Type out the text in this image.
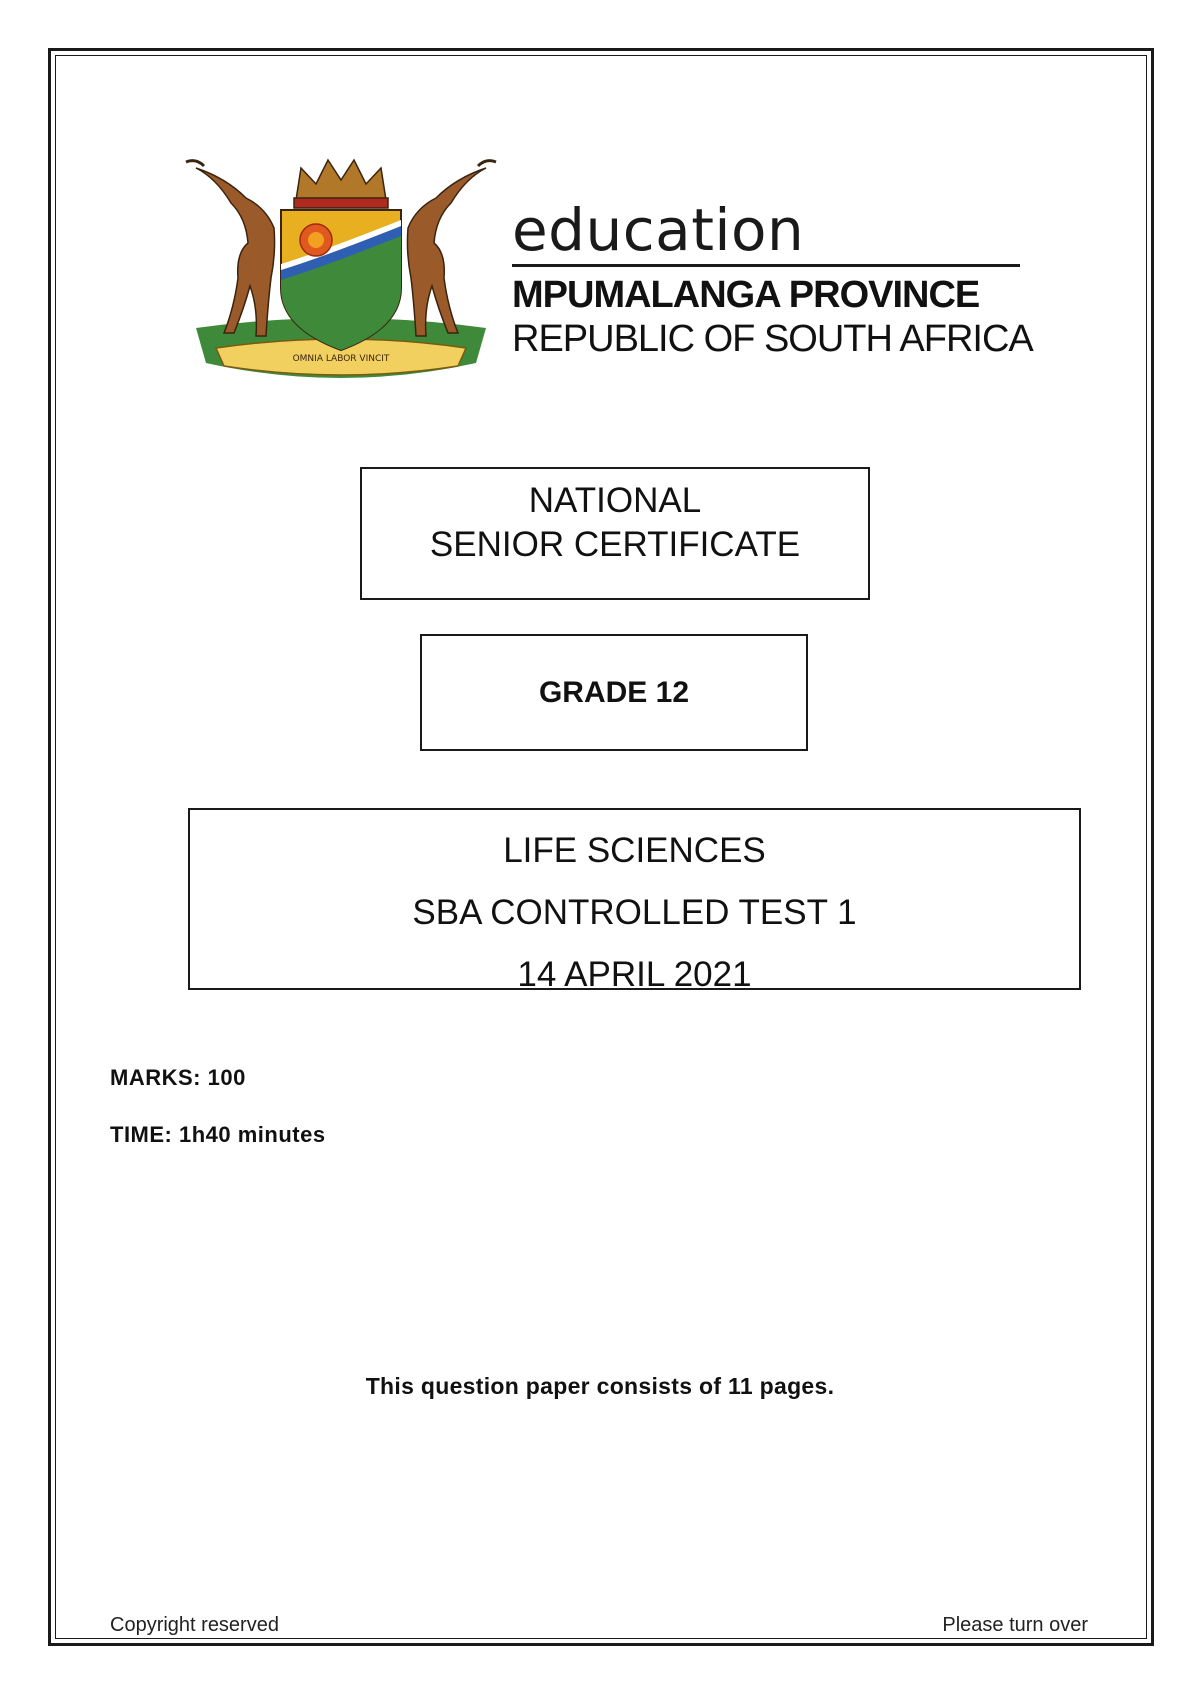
OMNIA LABOR VINCIT
education
MPUMALANGA PROVINCE
REPUBLIC OF SOUTH AFRICA
NATIONAL
SENIOR CERTIFICATE
GRADE 12
LIFE SCIENCES
SBA CONTROLLED TEST 1
14 APRIL 2021
MARKS: 100
TIME: 1h40 minutes
This question paper consists of 11 pages.
Copyright reserved	Please turn over
